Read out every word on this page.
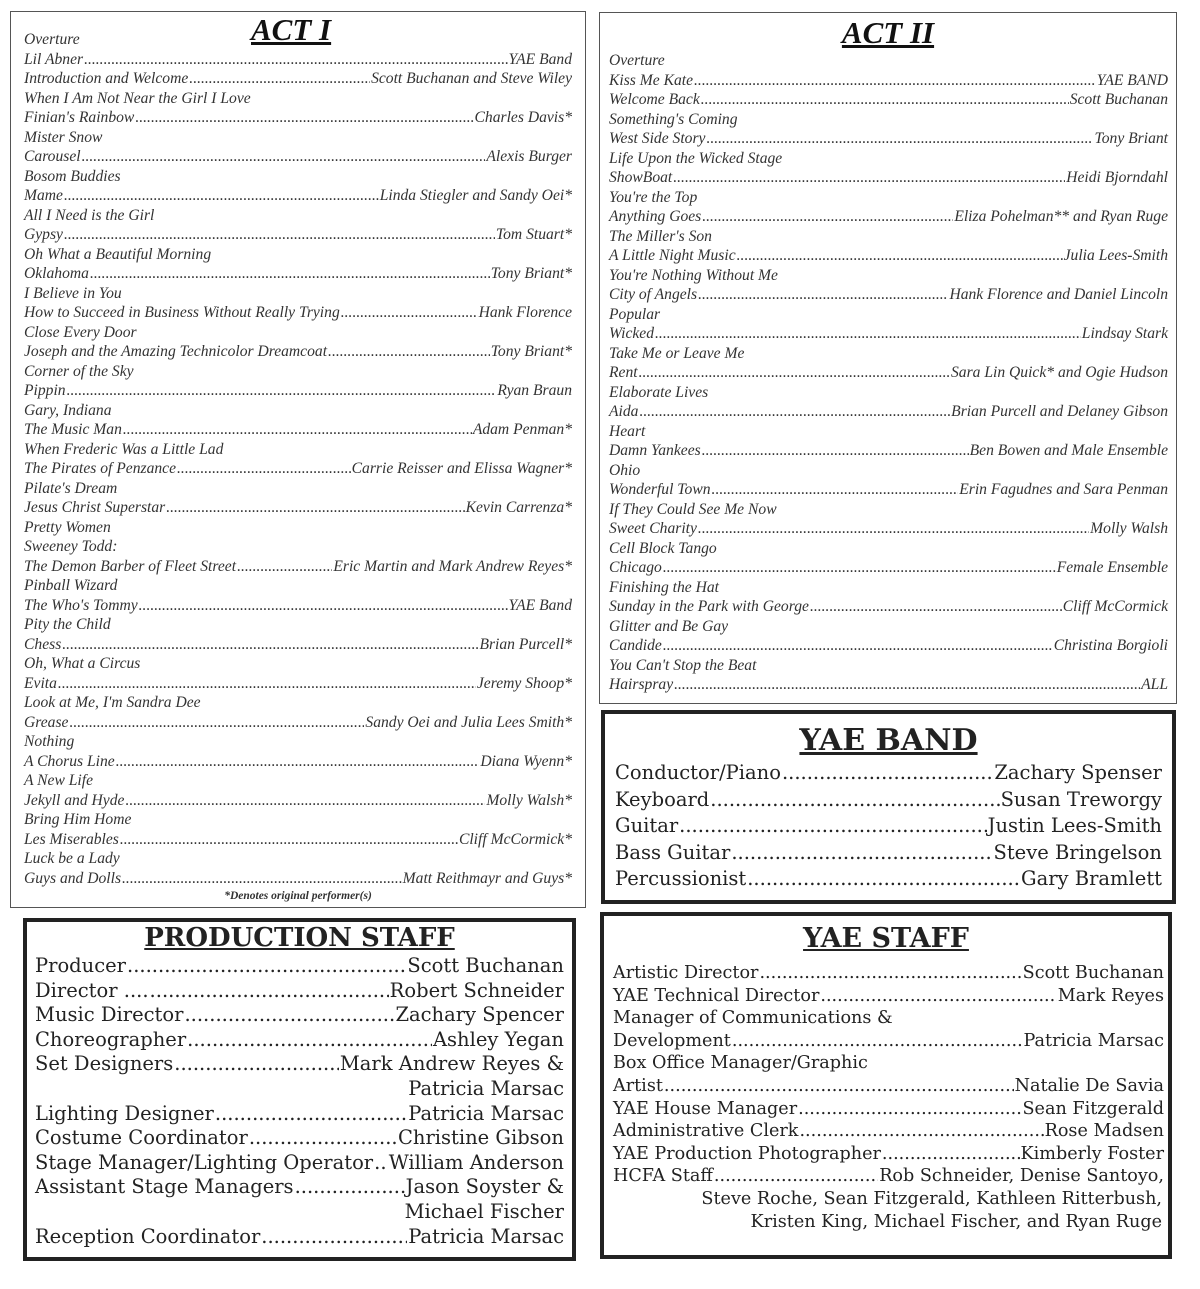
ACT I
Overture
Lil Abner .....	YAE Band
Introduction and Welcome .....	Scott Buchanan and Steve Wiley
When I Am Not Near the Girl I Love
Finian's Rainbow .....	Charles Davis*
Mister Snow
Carousel .....	Alexis Burger
Bosom Buddies
Mame .....	Linda Stiegler and Sandy Oei*
All I Need is the Girl
Gypsy .....	Tom Stuart*
Oh What a Beautiful Morning
Oklahoma .....	Tony Briant*
I Believe in You
How to Succeed in Business Without Really Trying .....	Hank Florence
Close Every Door
Joseph and the Amazing Technicolor Dreamcoat .....	Tony Briant*
Corner of the Sky
Pippin .....	Ryan Braun
Gary, Indiana
The Music Man .....	Adam Penman*
When Frederic Was a Little Lad
The Pirates of Penzance .....	Carrie Reisser and Elissa Wagner*
Pilate's Dream
Jesus Christ Superstar .....	Kevin Carrenza*
Pretty Women
Sweeney Todd:
The Demon Barber of Fleet Street .....	Eric Martin and Mark Andrew Reyes*
Pinball Wizard
The Who's Tommy .....	YAE Band
Pity the Child
Chess .....	Brian Purcell*
Oh, What a Circus
Evita .....	Jeremy Shoop*
Look at Me, I'm Sandra Dee
Grease .....	Sandy Oei and Julia Lees Smith*
Nothing
A Chorus Line .....	Diana Wyenn*
A New Life
Jekyll and Hyde .....	Molly Walsh*
Bring Him Home
Les Miserables .....	Cliff McCormick*
Luck be a Lady
Guys and Dolls .....	Matt Reithmayr and Guys*
*Denotes original performer(s)
ACT II
Overture
Kiss Me Kate .....	YAE BAND
Welcome Back .....	Scott Buchanan
Something's Coming
West Side Story .....	Tony Briant
Life Upon the Wicked Stage
ShowBoat .....	Heidi Bjorndahl
You're the Top
Anything Goes .....	Eliza Pohelman** and Ryan Ruge
The Miller's Son
A Little Night Music .....	Julia Lees-Smith
You're Nothing Without Me
City of Angels .....	Hank Florence and Daniel Lincoln
Popular
Wicked .....	Lindsay Stark
Take Me or Leave Me
Rent .....	Sara Lin Quick* and Ogie Hudson
Elaborate Lives
Aida .....	Brian Purcell and Delaney Gibson
Heart
Damn Yankees .....	Ben Bowen and Male Ensemble
Ohio
Wonderful Town .....	Erin Fagudnes and Sara Penman
If They Could See Me Now
Sweet Charity .....	Molly Walsh
Cell Block Tango
Chicago .....	Female Ensemble
Finishing the Hat
Sunday in the Park with George .....	Cliff McCormick
Glitter and Be Gay
Candide .....	Christina Borgioli
You Can't Stop the Beat
Hairspray .....	ALL
YAE BAND
Conductor/Piano .....	Zachary Spenser
Keyboard .....	Susan Treworgy
Guitar .....	Justin Lees-Smith
Bass Guitar .....	Steve Bringelson
Percussionist .....	Gary Bramlett
PRODUCTION STAFF
Producer .....	Scott Buchanan
Director .... .....	Robert Schneider
Music Director .....	Zachary Spencer
Choreographer .....	Ashley Yegan
Set Designers .....	Mark Andrew Reyes &
Patricia Marsac
Lighting Designer .....	Patricia Marsac
Costume Coordinator .....	Christine Gibson
Stage Manager/Lighting Operator ..... William Anderson
Assistant Stage Managers .....	Jason Soyster &
Michael Fischer
Reception Coordinator .....	Patricia Marsac
YAE STAFF
Artistic Director .....	Scott Buchanan
YAE Technical Director .....	Mark Reyes
Manager of Communications &
Development .....	Patricia Marsac
Box Office Manager/Graphic
Artist .....	Natalie De Savia
YAE House Manager .....	Sean Fitzgerald
Administrative Clerk .....	Rose Madsen
YAE Production Photographer .....	Kimberly Foster
HCFA Staff .....	Rob Schneider, Denise Santoyo,
Steve Roche, Sean Fitzgerald, Kathleen Ritterbush,
Kristen King, Michael Fischer, and Ryan Ruge
